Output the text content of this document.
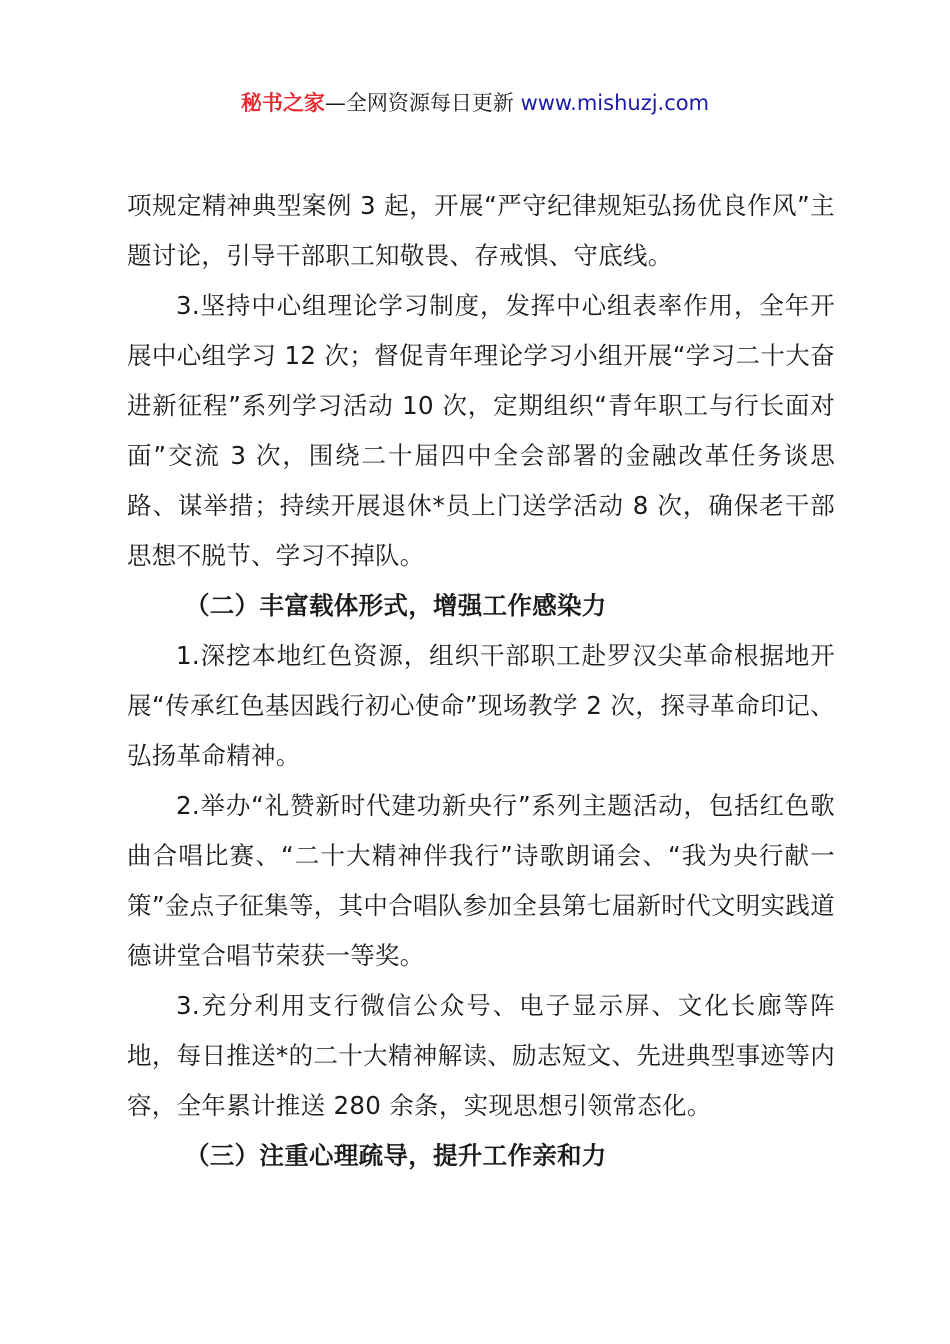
秘书之家—全网资源每日更新 www.mishuzj.com

项规定精神典型案例 3 起，开展“严守纪律规矩弘扬优良作风”主题讨论，引导干部职工知敬畏、存戒惧、守底线。

3.坚持中心组理论学习制度，发挥中心组表率作用，全年开展中心组学习 12 次；督促青年理论学习小组开展“学习二十大奋进新征程”系列学习活动 10 次，定期组织“青年职工与行长面对面”交流 3 次，围绕二十届四中全会部署的金融改革任务谈思路、谋举措；持续开展退休*员上门送学活动 8 次，确保老干部思想不脱节、学习不掉队。

（二）丰富载体形式，增强工作感染力

1.深挖本地红色资源，组织干部职工赴罗汉尖革命根据地开展“传承红色基因践行初心使命”现场教学 2 次，探寻革命印记、弘扬革命精神。

2.举办“礼赞新时代建功新央行”系列主题活动，包括红色歌曲合唱比赛、“二十大精神伴我行”诗歌朗诵会、“我为央行献一策”金点子征集等，其中合唱队参加全县第七届新时代文明实践道德讲堂合唱节荣获一等奖。

3.充分利用支行微信公众号、电子显示屏、文化长廊等阵地，每日推送*的二十大精神解读、励志短文、先进典型事迹等内容，全年累计推送 280 余条，实现思想引领常态化。

（三）注重心理疏导，提升工作亲和力
